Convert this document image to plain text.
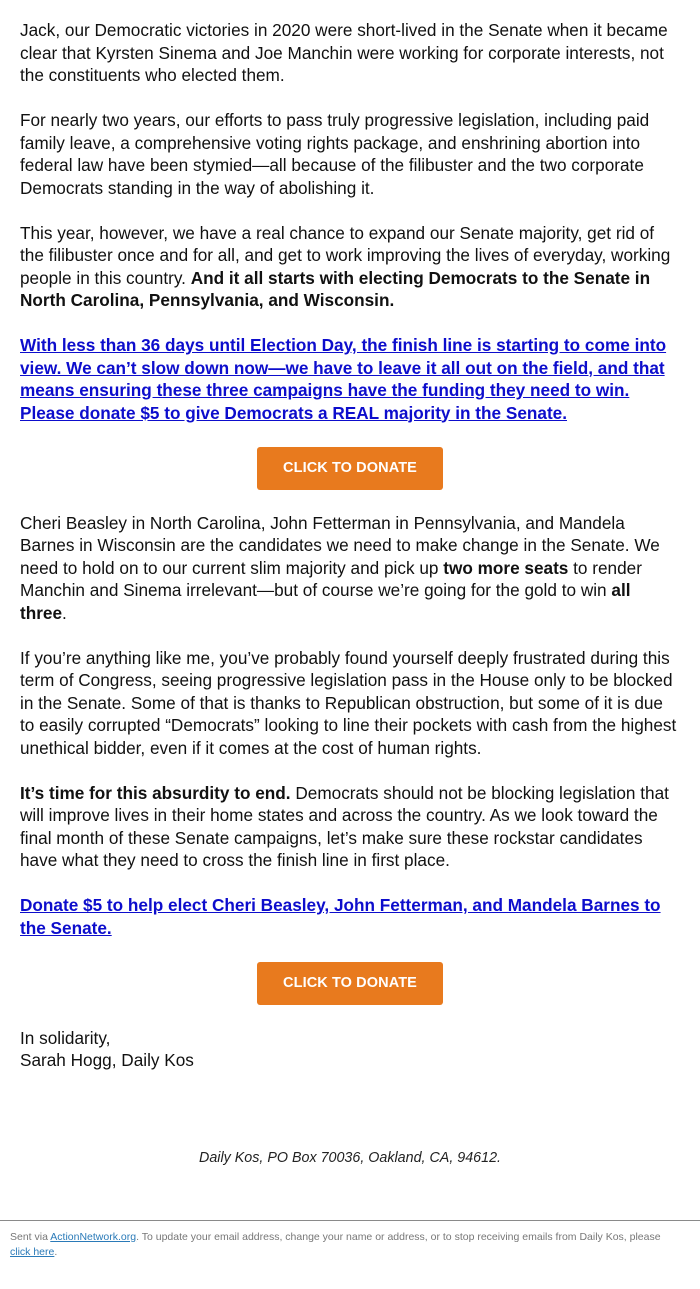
Jack, our Democratic victories in 2020 were short-lived in the Senate when it became clear that Kyrsten Sinema and Joe Manchin were working for corporate interests, not the constituents who elected them.

For nearly two years, our efforts to pass truly progressive legislation, including paid family leave, a comprehensive voting rights package, and enshrining abortion into federal law have been stymied—all because of the filibuster and the two corporate Democrats standing in the way of abolishing it.

This year, however, we have a real chance to expand our Senate majority, get rid of the filibuster once and for all, and get to work improving the lives of everyday, working people in this country. And it all starts with electing Democrats to the Senate in North Carolina, Pennsylvania, and Wisconsin.

With less than 36 days until Election Day, the finish line is starting to come into view. We can’t slow down now—we have to leave it all out on the field, and that means ensuring these three campaigns have the funding they need to win. Please donate $5 to give Democrats a REAL majority in the Senate.

CLICK TO DONATE

Cheri Beasley in North Carolina, John Fetterman in Pennsylvania, and Mandela Barnes in Wisconsin are the candidates we need to make change in the Senate. We need to hold on to our current slim majority and pick up two more seats to render Manchin and Sinema irrelevant—but of course we’re going for the gold to win all three.

If you’re anything like me, you’ve probably found yourself deeply frustrated during this term of Congress, seeing progressive legislation pass in the House only to be blocked in the Senate. Some of that is thanks to Republican obstruction, but some of it is due to easily corrupted “Democrats” looking to line their pockets with cash from the highest unethical bidder, even if it comes at the cost of human rights.

It’s time for this absurdity to end. Democrats should not be blocking legislation that will improve lives in their home states and across the country. As we look toward the final month of these Senate campaigns, let’s make sure these rockstar candidates have what they need to cross the finish line in first place.

Donate $5 to help elect Cheri Beasley, John Fetterman, and Mandela Barnes to the Senate.

CLICK TO DONATE
In solidarity,
Sarah Hogg, Daily Kos
Daily Kos, PO Box 70036, Oakland, CA, 94612.
Sent via ActionNetwork.org. To update your email address, change your name or address, or to stop receiving emails from Daily Kos, please click here.
